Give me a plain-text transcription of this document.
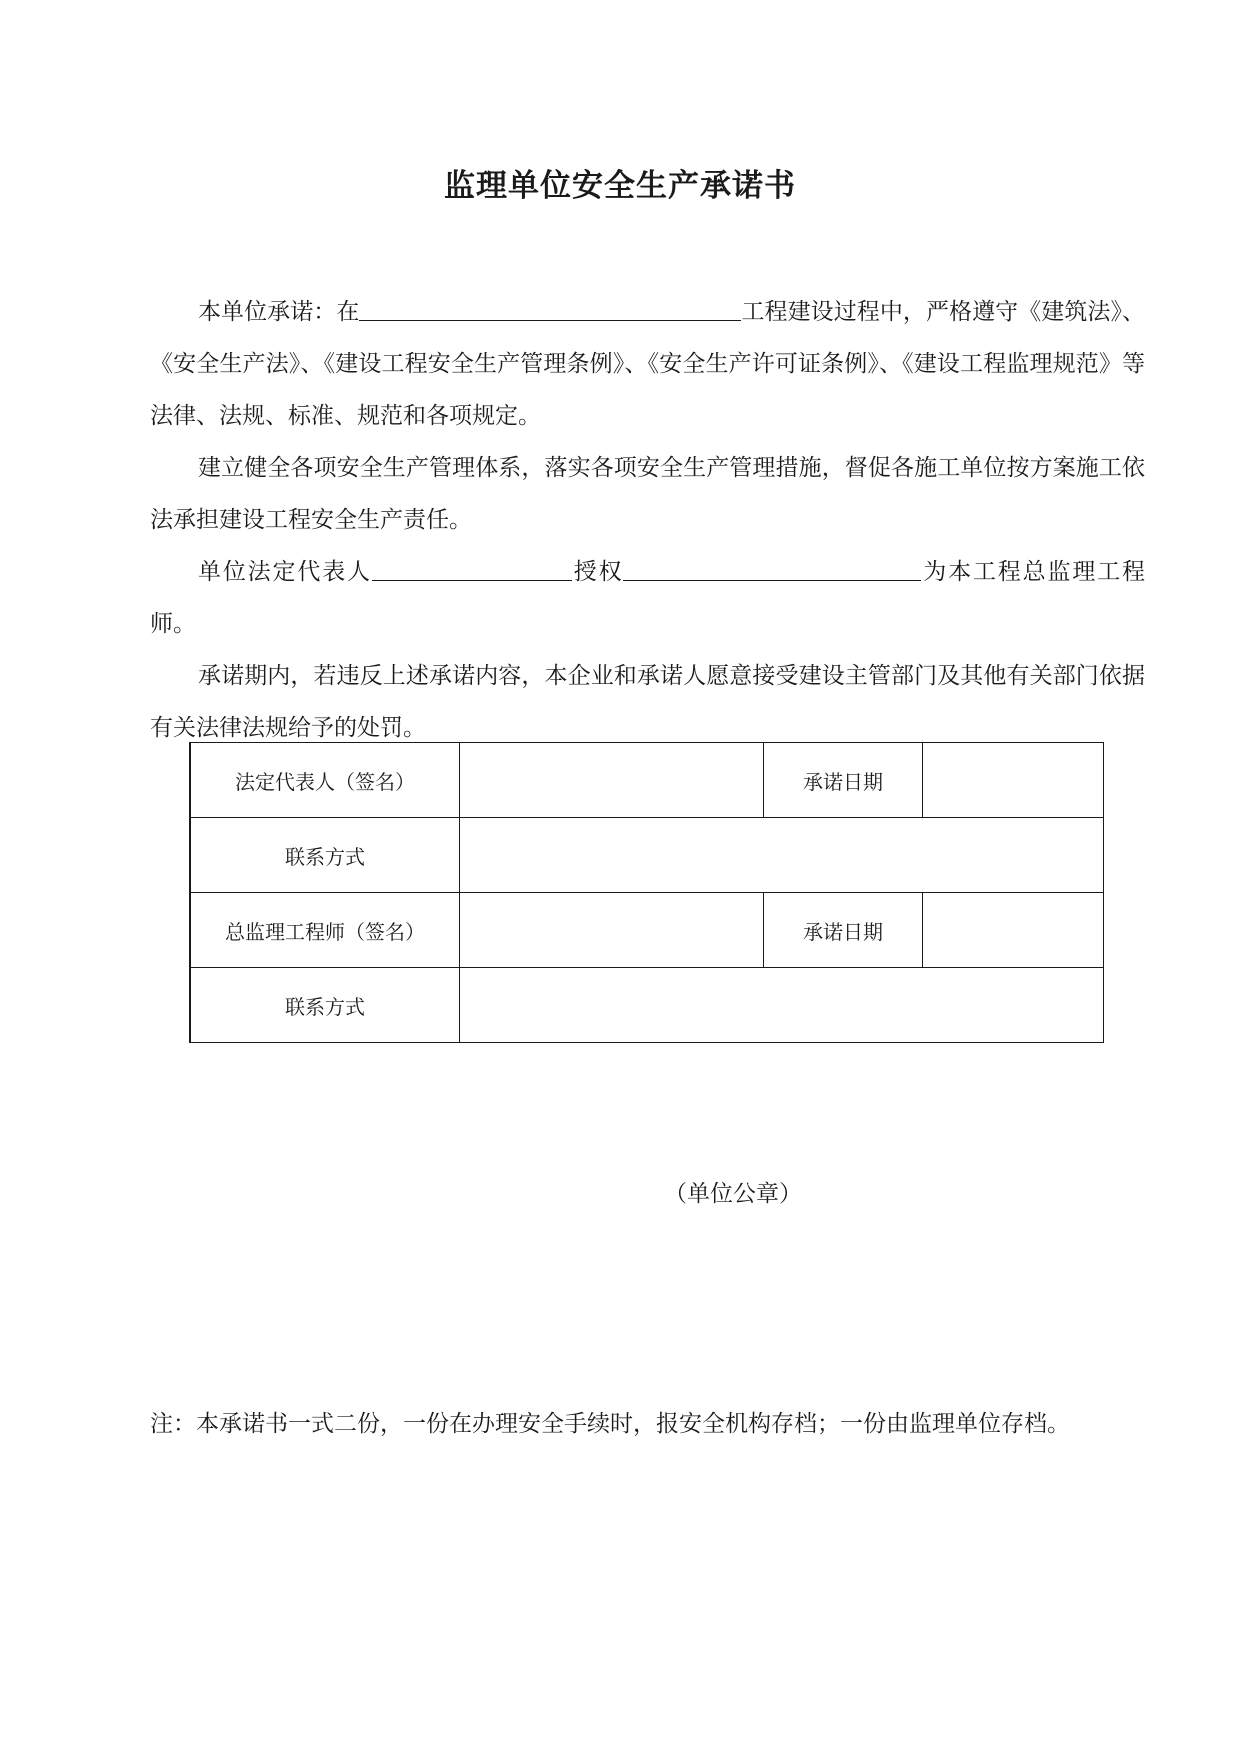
监理单位安全生产承诺书

本单位承诺：在	工程建设过程中，严格遵守《建筑法》、《安全生产法》、《建设工程安全生产管理条例》、《安全生产许可证条例》、《建设工程监理规范》等法律、法规、标准、规范和各项规定。

建立健全各项安全生产管理体系，落实各项安全生产管理措施，督促各施工单位按方案施工依法承担建设工程安全生产责任。

单位法定代表人	授权	为本工程总监理工程师。

承诺期内，若违反上述承诺内容，本企业和承诺人愿意接受建设主管部门及其他有关部门依据有关法律法规给予的处罚。

法定代表人（签名）		承诺日期	
联系方式			
总监理工程师（签名）		承诺日期	
联系方式			
（单位公章）
注：本承诺书一式二份，一份在办理安全手续时，报安全机构存档；一份由监理单位存档。
